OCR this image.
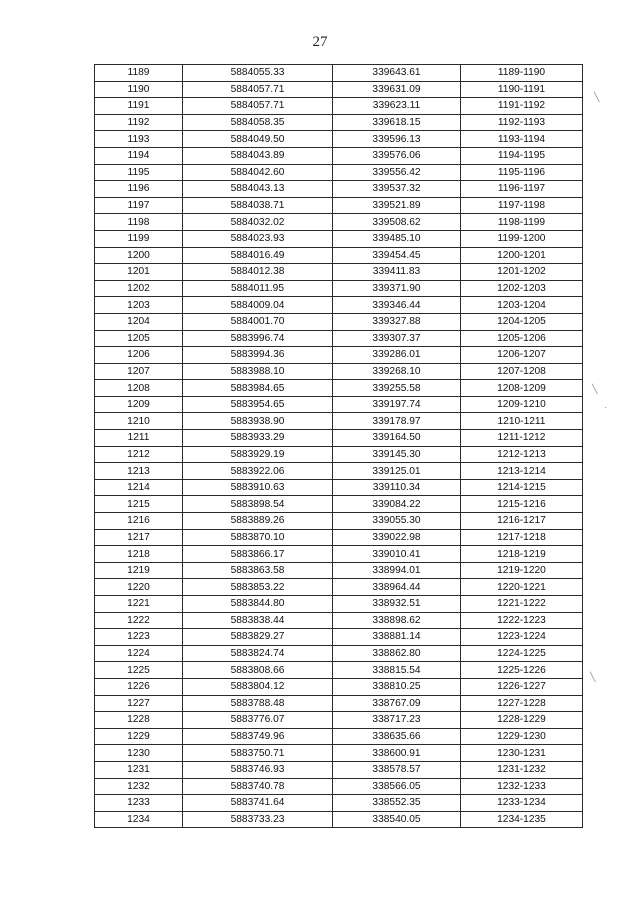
27
1189	5884055.33	339643.61	1189-1190
1190	5884057.71	339631.09	1190-1191
1191	5884057.71	339623.11	1191-1192
1192	5884058.35	339618.15	1192-1193
1193	5884049.50	339596.13	1193-1194
1194	5884043.89	339576.06	1194-1195
1195	5884042.60	339556.42	1195-1196
1196	5884043.13	339537.32	1196-1197
1197	5884038.71	339521.89	1197-1198
1198	5884032.02	339508.62	1198-1199
1199	5884023.93	339485.10	1199-1200
1200	5884016.49	339454.45	1200-1201
1201	5884012.38	339411.83	1201-1202
1202	5884011.95	339371.90	1202-1203
1203	5884009.04	339346.44	1203-1204
1204	5884001.70	339327.88	1204-1205
1205	5883996.74	339307.37	1205-1206
1206	5883994.36	339286.01	1206-1207
1207	5883988.10	339268.10	1207-1208
1208	5883984.65	339255.58	1208-1209
1209	5883954.65	339197.74	1209-1210
1210	5883938.90	339178.97	1210-1211
1211	5883933.29	339164.50	1211-1212
1212	5883929.19	339145.30	1212-1213
1213	5883922.06	339125.01	1213-1214
1214	5883910.63	339110.34	1214-1215
1215	5883898.54	339084.22	1215-1216
1216	5883889.26	339055.30	1216-1217
1217	5883870.10	339022.98	1217-1218
1218	5883866.17	339010.41	1218-1219
1219	5883863.58	338994.01	1219-1220
1220	5883853.22	338964.44	1220-1221
1221	5883844.80	338932.51	1221-1222
1222	5883838.44	338898.62	1222-1223
1223	5883829.27	338881.14	1223-1224
1224	5883824.74	338862.80	1224-1225
1225	5883808.66	338815.54	1225-1226
1226	5883804.12	338810.25	1226-1227
1227	5883788.48	338767.09	1227-1228
1228	5883776.07	338717.23	1228-1229
1229	5883749.96	338635.66	1229-1230
1230	5883750.71	338600.91	1230-1231
1231	5883746.93	338578.57	1231-1232
1232	5883740.78	338566.05	1232-1233
1233	5883741.64	338552.35	1233-1234
1234	5883733.23	338540.05	1234-1235
╲
╲
·
╲
